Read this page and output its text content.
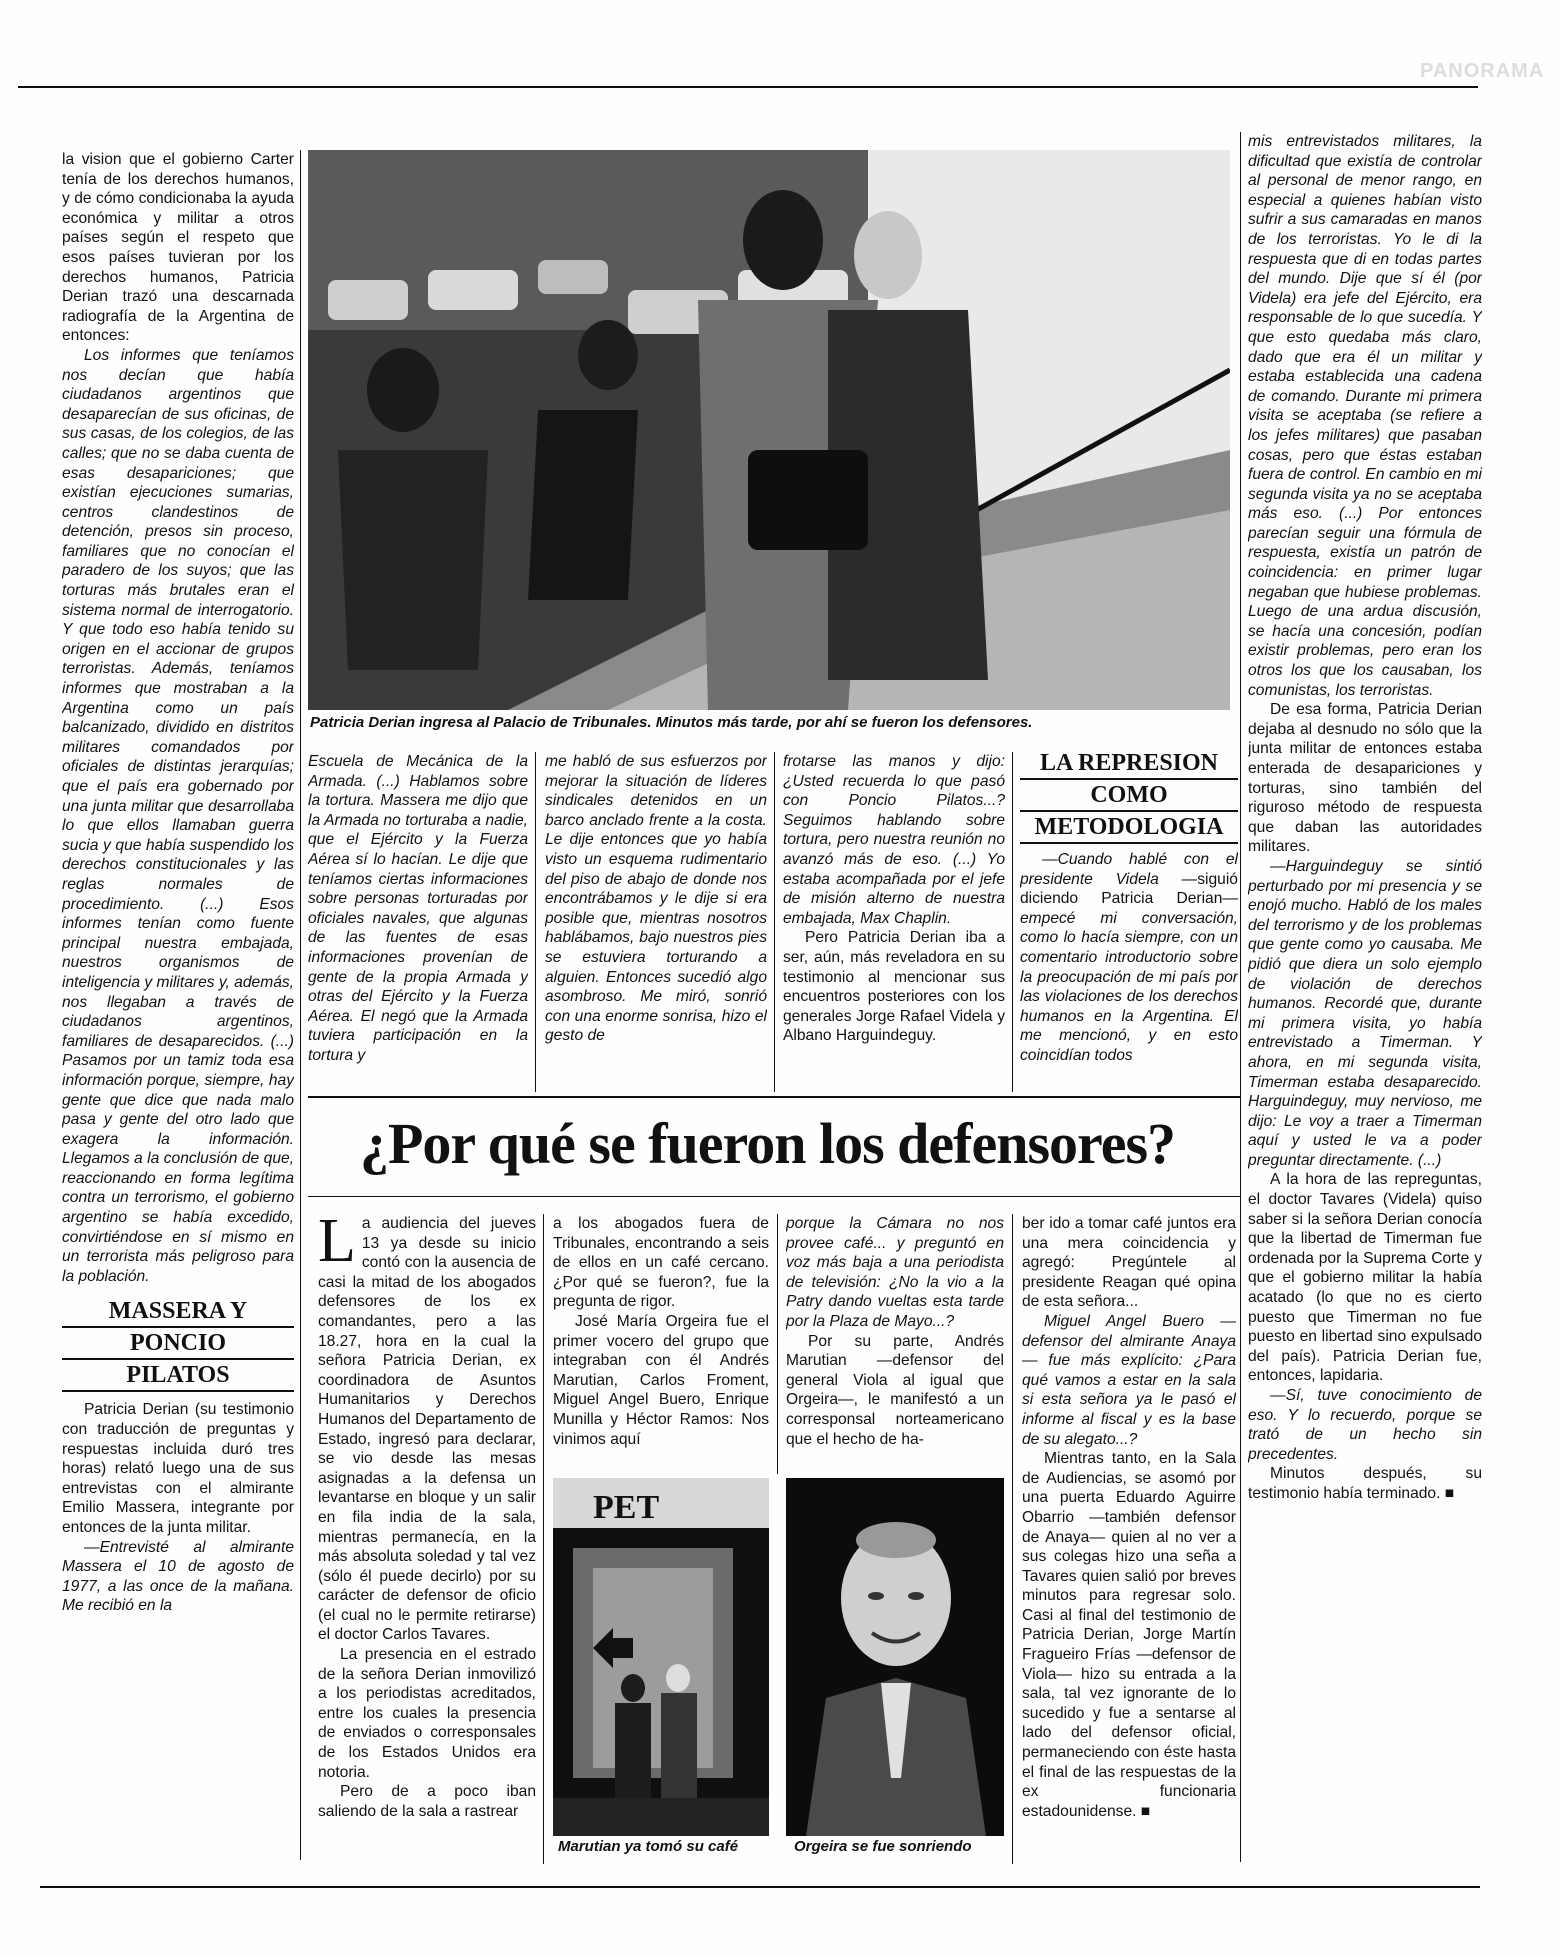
PANORAMA

la vision que el gobierno Carter tenía de los derechos humanos, y de cómo condicionaba la ayuda económica y militar a otros países según el respeto que esos países tuvieran por los derechos humanos, Patricia Derian trazó una descarnada radiografía de la Argentina de entonces:

Los informes que teníamos nos decían que había ciudadanos argentinos que desaparecían de sus oficinas, de sus casas, de los colegios, de las calles; que no se daba cuenta de esas desapariciones; que existían ejecuciones sumarias, centros clandestinos de detención, presos sin proceso, familiares que no conocían el paradero de los suyos; que las torturas más brutales eran el sistema normal de interrogatorio. Y que todo eso había tenido su origen en el accionar de grupos terroristas. Además, teníamos informes que mostraban a la Argentina como un país balcanizado, dividido en distritos militares comandados por oficiales de distintas jerarquías; que el país era gobernado por una junta militar que desarrollaba lo que ellos llamaban guerra sucia y que había suspendido los derechos constitucionales y las reglas normales de procedimiento. (...) Esos informes tenían como fuente principal nuestra embajada, nuestros organismos de inteligencia y militares y, además, nos llegaban a través de ciudadanos argentinos, familiares de desaparecidos. (...) Pasamos por un tamiz toda esa información porque, siempre, hay gente que dice que nada malo pasa y gente del otro lado que exagera la información. Llegamos a la conclusión de que, reaccionando en forma legítima contra un terrorismo, el gobierno argentino se había excedido, convirtiéndose en sí mismo en un terrorista más peligroso para la población.

MASSERA Y
PONCIO
PILATOS

Patricia Derian (su testimonio con traducción de preguntas y respuestas incluida duró tres horas) relató luego una de sus entrevistas con el almirante Emilio Massera, integrante por entonces de la junta militar.

—Entrevisté al almirante Massera el 10 de agosto de 1977, a las once de la mañana. Me recibió en la

Patricia Derian ingresa al Palacio de Tribunales. Minutos más tarde, por ahí se fueron los defensores.

Escuela de Mecánica de la Armada. (...) Hablamos sobre la tortura. Massera me dijo que la Armada no torturaba a nadie, que el Ejército y la Fuerza Aérea sí lo hacían. Le dije que teníamos ciertas informaciones sobre personas torturadas por oficiales navales, que algunas de las fuentes de esas informaciones provenían de gente de la propia Armada y otras del Ejército y la Fuerza Aérea. El negó que la Armada tuviera participación en la tortura y

me habló de sus esfuerzos por mejorar la situación de líderes sindicales detenidos en un barco anclado frente a la costa. Le dije entonces que yo había visto un esquema rudimentario del piso de abajo de donde nos encontrábamos y le dije si era posible que, mientras nosotros hablábamos, bajo nuestros pies se estuviera torturando a alguien. Entonces sucedió algo asombroso. Me miró, sonrió con una enorme sonrisa, hizo el gesto de

frotarse las manos y dijo: ¿Usted recuerda lo que pasó con Poncio Pilatos...? Seguimos hablando sobre tortura, pero nuestra reunión no avanzó más de eso. (...) Yo estaba acompañada por el jefe de misión alterno de nuestra embajada, Max Chaplin.

Pero Patricia Derian iba a ser, aún, más reveladora en su testimonio al mencionar sus encuentros posteriores con los generales Jorge Rafael Videla y Albano Harguindeguy.

LA REPRESION
COMO
METODOLOGIA

—Cuando hablé con el presidente Videla —siguió diciendo Patricia Derian— empecé mi conversación, como lo hacía siempre, con un comentario introductorio sobre la preocupación de mi país por las violaciones de los derechos humanos en la Argentina. El me mencionó, y en esto coincidían todos

mis entrevistados militares, la dificultad que existía de controlar al personal de menor rango, en especial a quienes habían visto sufrir a sus camaradas en manos de los terroristas. Yo le di la respuesta que di en todas partes del mundo. Dije que sí él (por Videla) era jefe del Ejército, era responsable de lo que sucedía. Y que esto quedaba más claro, dado que era él un militar y estaba establecida una cadena de comando. Durante mi primera visita se aceptaba (se refiere a los jefes militares) que pasaban cosas, pero que éstas estaban fuera de control. En cambio en mi segunda visita ya no se aceptaba más eso. (...) Por entonces parecían seguir una fórmula de respuesta, existía un patrón de coincidencia: en primer lugar negaban que hubiese problemas. Luego de una ardua discusión, se hacía una concesión, podían existir problemas, pero eran los otros los que los causaban, los comunistas, los terroristas.

De esa forma, Patricia Derian dejaba al desnudo no sólo que la junta militar de entonces estaba enterada de desapariciones y torturas, sino también del riguroso método de respuesta que daban las autoridades militares.

—Harguindeguy se sintió perturbado por mi presencia y se enojó mucho. Habló de los males del terrorismo y de los problemas que gente como yo causaba. Me pidió que diera un solo ejemplo de violación de derechos humanos. Recordé que, durante mi primera visita, yo había entrevistado a Timerman. Y ahora, en mi segunda visita, Timerman estaba desaparecido. Harguindeguy, muy nervioso, me dijo: Le voy a traer a Timerman aquí y usted le va a poder preguntar directamente. (...)

A la hora de las repreguntas, el doctor Tavares (Videla) quiso saber si la señora Derian conocía que la libertad de Timerman fue ordenada por la Suprema Corte y que el gobierno militar la había acatado (lo que no es cierto puesto que Timerman no fue puesto en libertad sino expulsado del país). Patricia Derian fue, entonces, lapidaria.

—Sí, tuve conocimiento de eso. Y lo recuerdo, porque se trató de un hecho sin precedentes.

Minutos después, su testimonio había terminado. ■

¿Por qué se fueron los defensores?

La audiencia del jueves 13 ya desde su inicio contó con la ausencia de casi la mitad de los abogados defensores de los ex comandantes, pero a las 18.27, hora en la cual la señora Patricia Derian, ex coordinadora de Asuntos Humanitarios y Derechos Humanos del Departamento de Estado, ingresó para declarar, se vio desde las mesas asignadas a la defensa un levantarse en bloque y un salir en fila india de la sala, mientras permanecía, en la más absoluta soledad y tal vez (sólo él puede decirlo) por su carácter de defensor de oficio (el cual no le permite retirarse) el doctor Carlos Tavares.

La presencia en el estrado de la señora Derian inmovilizó a los periodistas acreditados, entre los cuales la presencia de enviados o corresponsales de los Estados Unidos era notoria.

Pero de a poco iban saliendo de la sala a rastrear

a los abogados fuera de Tribunales, encontrando a seis de ellos en un café cercano. ¿Por qué se fueron?, fue la pregunta de rigor.

José María Orgeira fue el primer vocero del grupo que integraban con él Andrés Marutian, Carlos Froment, Miguel Angel Buero, Enrique Munilla y Héctor Ramos: Nos vinimos aquí

porque la Cámara no nos provee café... y preguntó en voz más baja a una periodista de televisión: ¿No la vio a la Patry dando vueltas esta tarde por la Plaza de Mayo...?

Por su parte, Andrés Marutian —defensor del general Viola al igual que Orgeira—, le manifestó a un corresponsal norteamericano que el hecho de ha-

ber ido a tomar café juntos era una mera coincidencia y agregó: Pregúntele al presidente Reagan qué opina de esta señora...

Miguel Angel Buero —defensor del almirante Anaya— fue más explícito: ¿Para qué vamos a estar en la sala si esta señora ya le pasó el informe al fiscal y es la base de su alegato...?

Mientras tanto, en la Sala de Audiencias, se asomó por una puerta Eduardo Aguirre Obarrio —también defensor de Anaya— quien al no ver a sus colegas hizo una seña a Tavares quien salió por breves minutos para regresar solo. Casi al final del testimonio de Patricia Derian, Jorge Martín Fragueiro Frías —defensor de Viola— hizo su entrada a la sala, tal vez ignorante de lo sucedido y fue a sentarse al lado del defensor oficial, permaneciendo con éste hasta el final de las respuestas de la ex funcionaria estadounidense. ■

PET
Marutian ya tomó su café	Orgeira se fue sonriendo
